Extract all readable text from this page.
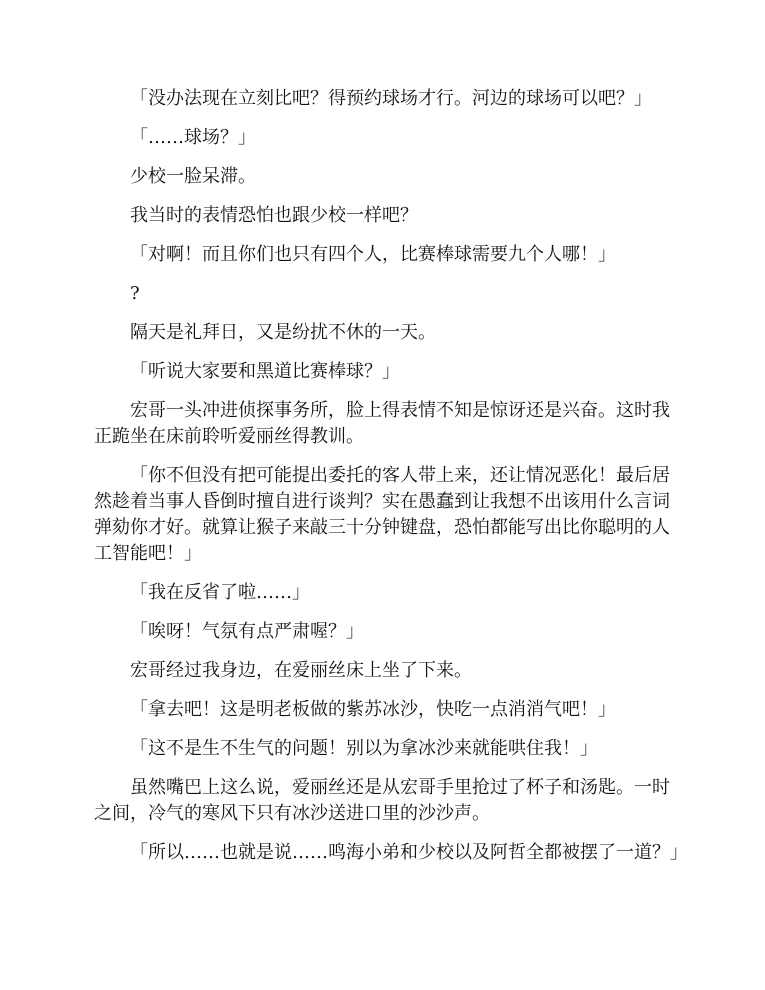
「没办法现在立刻比吧？得预约球场才行。河边的球场可以吧？」

「……球场？」

少校一脸呆滞。

我当时的表情恐怕也跟少校一样吧？

「对啊！而且你们也只有四个人，比赛棒球需要九个人哪！」

?

隔天是礼拜日，又是纷扰不休的一天。

「听说大家要和黑道比赛棒球？」

宏哥一头冲进侦探事务所，脸上得表情不知是惊讶还是兴奋。这时我正跪坐在床前聆听爱丽丝得教训。

「你不但没有把可能提出委托的客人带上来，还让情况恶化！最后居然趁着当事人昏倒时擅自进行谈判？实在愚蠢到让我想不出该用什么言词弹劾你才好。就算让猴子来敲三十分钟键盘，恐怕都能写出比你聪明的人工智能吧！」

「我在反省了啦……」

「唉呀！气氛有点严肃喔？」

宏哥经过我身边，在爱丽丝床上坐了下来。

「拿去吧！这是明老板做的紫苏冰沙，快吃一点消消气吧！」

「这不是生不生气的问题！别以为拿冰沙来就能哄住我！」

虽然嘴巴上这么说，爱丽丝还是从宏哥手里抢过了杯子和汤匙。一时之间，冷气的寒风下只有冰沙送进口里的沙沙声。

「所以……也就是说……鸣海小弟和少校以及阿哲全都被摆了一道？」
